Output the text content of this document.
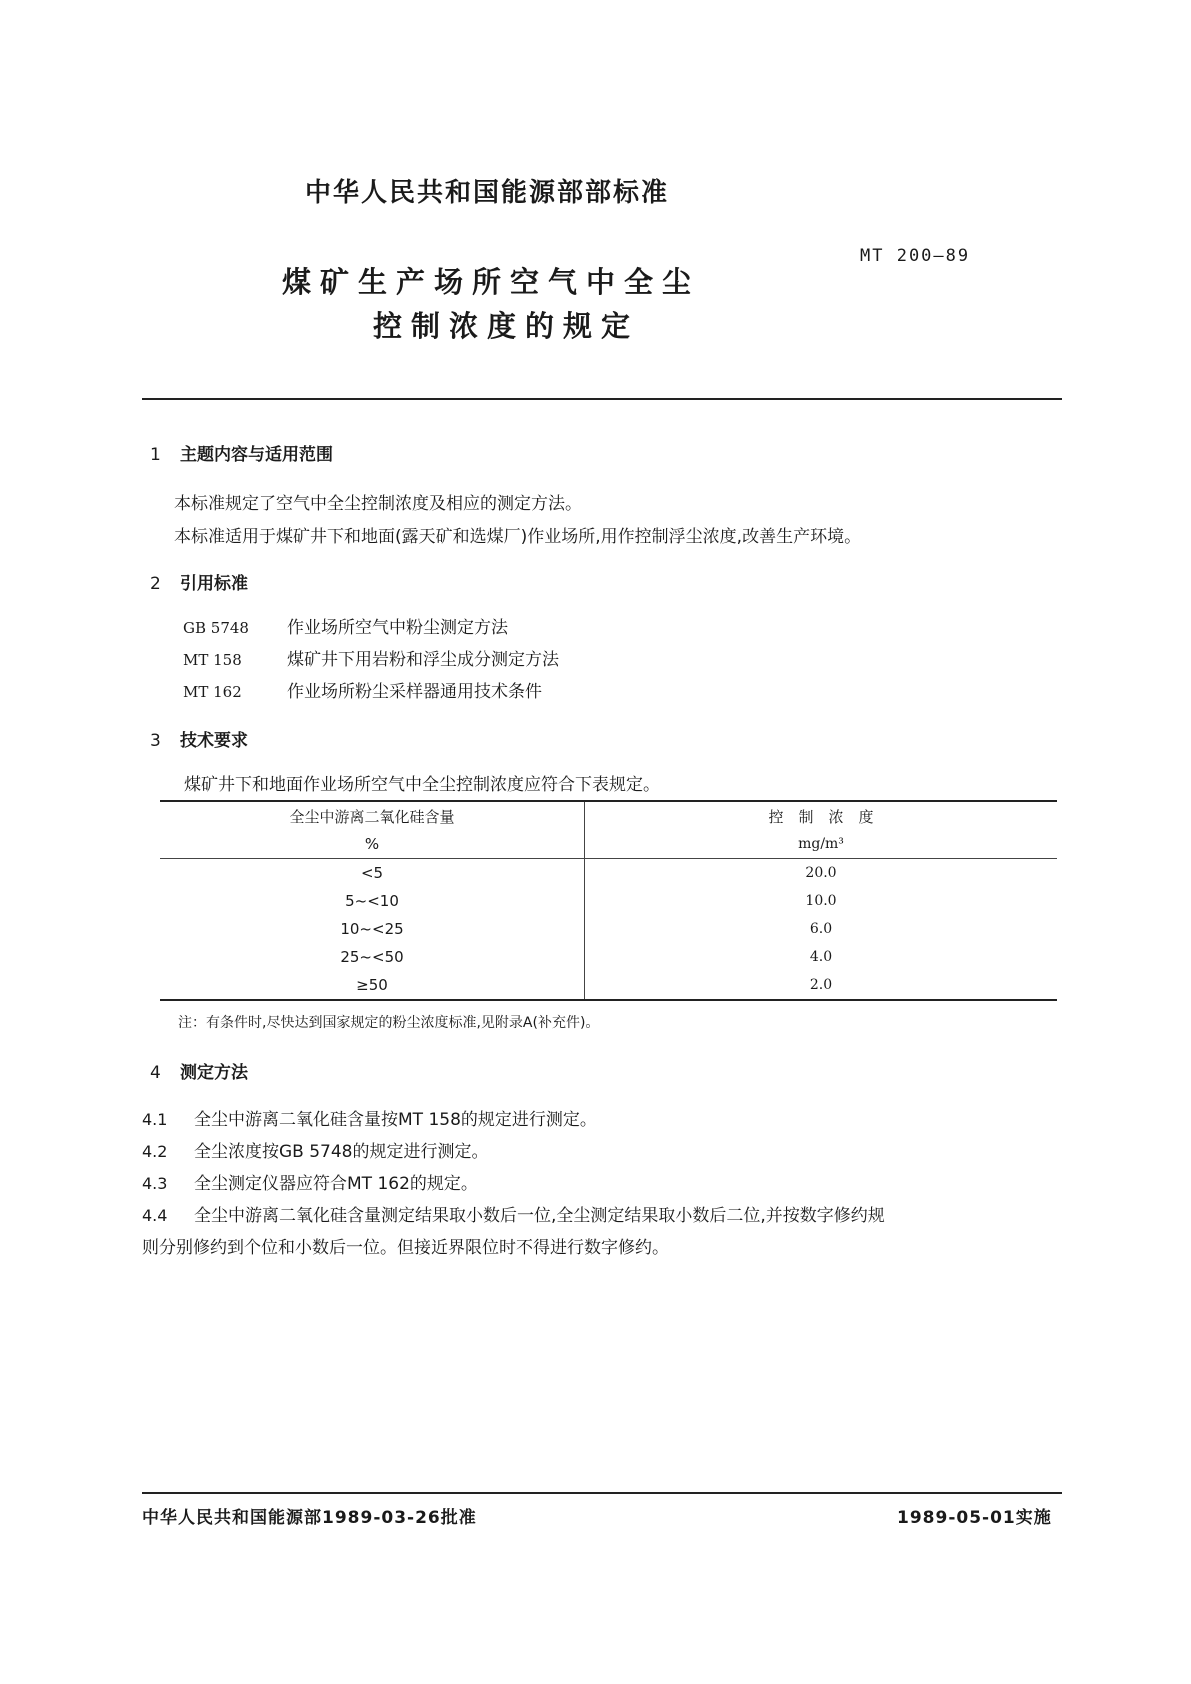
中华人民共和国能源部部标准
MT 200—89
煤矿生产场所空气中全尘
控制浓度的规定
1 主题内容与适用范围
本标准规定了空气中全尘控制浓度及相应的测定方法。
本标准适用于煤矿井下和地面(露天矿和选煤厂)作业场所,用作控制浮尘浓度,改善生产环境。
2 引用标准
GB 5748 作业场所空气中粉尘测定方法
MT 158	煤矿井下用岩粉和浮尘成分测定方法
MT 162	作业场所粉尘采样器通用技术条件
3 技术要求
煤矿井下和地面作业场所空气中全尘控制浓度应符合下表规定。
全尘中游离二氧化硅含量	控　制　浓　度
%	mg/m³
<5	20.0
5~<10	10.0
10~<25	6.0
25~<50	4.0
≥50	2.0
注：有条件时,尽快达到国家规定的粉尘浓度标准,见附录A(补充件)。
4 测定方法
4.1 全尘中游离二氧化硅含量按MT 158的规定进行测定。
4.2 全尘浓度按GB 5748的规定进行测定。
4.3 全尘测定仪器应符合MT 162的规定。
4.4 全尘中游离二氧化硅含量测定结果取小数后一位,全尘测定结果取小数后二位,并按数字修约规
则分别修约到个位和小数后一位。但接近界限位时不得进行数字修约。
中华人民共和国能源部1989-03-26批准	1989-05-01实施
